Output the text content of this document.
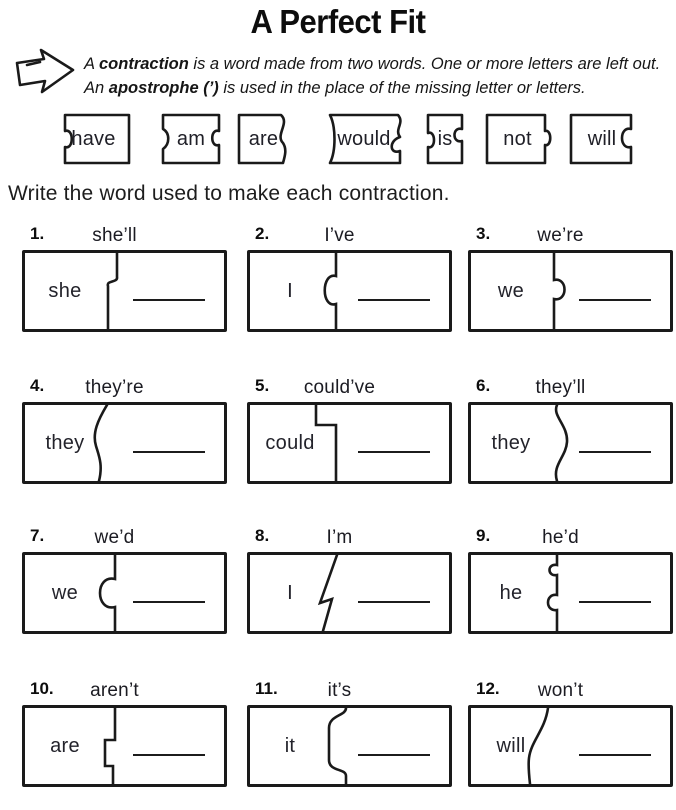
A Perfect Fit

A contraction is a word made from two words. One or more letters are left out.
An apostrophe (’) is used in the place of the missing letter or letters.

have	am	are	would	is	not	will

Write the word used to make each contraction.

1.	she’ll
she
2.	I’ve
I
3.	we’re
we
4.	they’re
they
5.	could’ve
could
6.	they’ll
they
7.	we’d
we
8.	I’m
I
9.	he’d
he
10.	aren’t
are
11.	it’s
it
12.	won’t
will
